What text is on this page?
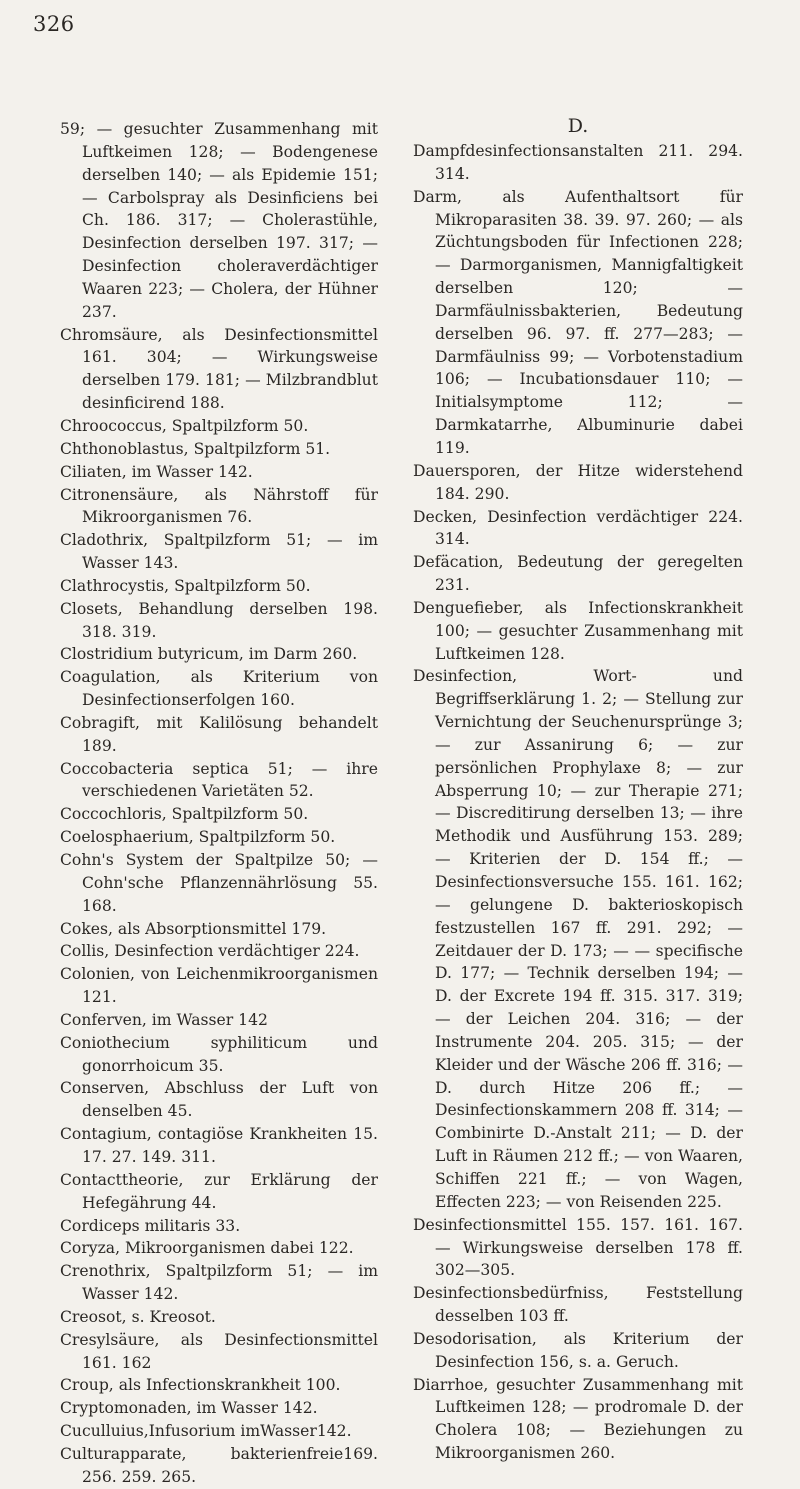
326

59; — gesuchter Zusammenhang mit Luftkeimen 128; — Bodengenese derselben 140; — als Epidemie 151; — Carbolspray als Desinficiens bei Ch. 186. 317; — Cholerastühle, Desinfection derselben 197. 317; — Desinfection choleraverdächtiger Waaren 223; — Cholera, der Hühner 237.

Chromsäure, als Desinfectionsmittel 161. 304; — Wirkungsweise derselben 179. 181; — Milzbrandblut desinficirend 188.

Chroococcus, Spaltpilzform 50.

Chthonoblastus, Spaltpilzform 51.

Ciliaten, im Wasser 142.

Citronensäure, als Nährstoff für Mikroorganismen 76.

Cladothrix, Spaltpilzform 51; — im Wasser 143.

Clathrocystis, Spaltpilzform 50.

Closets, Behandlung derselben 198. 318. 319.

Clostridium butyricum, im Darm 260.

Coagulation, als Kriterium von Desinfectionserfolgen 160.

Cobragift, mit Kalilösung behandelt 189.

Coccobacteria septica 51; — ihre verschiedenen Varietäten 52.

Coccochloris, Spaltpilzform 50.

Coelosphaerium, Spaltpilzform 50.

Cohn's System der Spaltpilze 50; — Cohn'sche Pflanzennährlösung 55. 168.

Cokes, als Absorptionsmittel 179.

Collis, Desinfection verdächtiger 224.

Colonien, von Leichenmikroorganismen 121.

Conferven, im Wasser 142

Coniothecium syphiliticum und gonorrhoicum 35.

Conserven, Abschluss der Luft von denselben 45.

Contagium, contagiöse Krankheiten 15. 17. 27. 149. 311.

Contacttheorie, zur Erklärung der Hefegährung 44.

Cordiceps militaris 33.

Coryza, Mikroorganismen dabei 122.

Crenothrix, Spaltpilzform 51; — im Wasser 142.

Creosot, s. Kreosot.

Cresylsäure, als Desinfectionsmittel 161. 162

Croup, als Infectionskrankheit 100.

Cryptomonaden, im Wasser 142.

Cuculluius,Infusorium imWasser142.

Culturapparate, bakterienfreie169. 256. 259. 265.

D.

Dampfdesinfectionsanstalten 211. 294. 314.

Darm, als Aufenthaltsort für Mikroparasiten 38. 39. 97. 260; — als Züchtungsboden für Infectionen 228; — Darmorganismen, Mannigfaltigkeit derselben 120; — Darmfäulnissbakterien, Bedeutung derselben 96. 97. ff. 277—283; — Darmfäulniss 99; — Vorbotenstadium 106; — Incubationsdauer 110; — Initialsymptome 112; — Darmkatarrhe, Albuminurie dabei 119.

Dauersporen, der Hitze widerstehend 184. 290.

Decken, Desinfection verdächtiger 224. 314.

Defäcation, Bedeutung der geregelten 231.

Denguefieber, als Infectionskrankheit 100; — gesuchter Zusammenhang mit Luftkeimen 128.

Desinfection, Wort- und Begriffserklärung 1. 2; — Stellung zur Vernichtung der Seuchenursprünge 3; — zur Assanirung 6; — zur persönlichen Prophylaxe 8; — zur Absperrung 10; — zur Therapie 271; — Discreditirung derselben 13; — ihre Methodik und Ausführung 153. 289; — Kriterien der D. 154 ff.; — Desinfectionsversuche 155. 161. 162; — gelungene D. bakterioskopisch festzustellen 167 ff. 291. 292; — Zeitdauer der D. 173; — — specifische D. 177; — Technik derselben 194; — D. der Excrete 194 ff. 315. 317. 319; — der Leichen 204. 316; — der Instrumente 204. 205. 315; — der Kleider und der Wäsche 206 ff. 316; — D. durch Hitze 206 ff.; — Desinfectionskammern 208 ff. 314; — Combinirte D.-Anstalt 211; — D. der Luft in Räumen 212 ff.; — von Waaren, Schiffen 221 ff.; — von Wagen, Effecten 223; — von Reisenden 225.

Desinfectionsmittel 155. 157. 161. 167. — Wirkungsweise derselben 178 ff. 302—305.

Desinfectionsbedürfniss, Feststellung desselben 103 ff.

Desodorisation, als Kriterium der Desinfection 156, s. a. Geruch.

Diarrhoe, gesuchter Zusammenhang mit Luftkeimen 128; — prodromale D. der Cholera 108; — Beziehungen zu Mikroorganismen 260.
